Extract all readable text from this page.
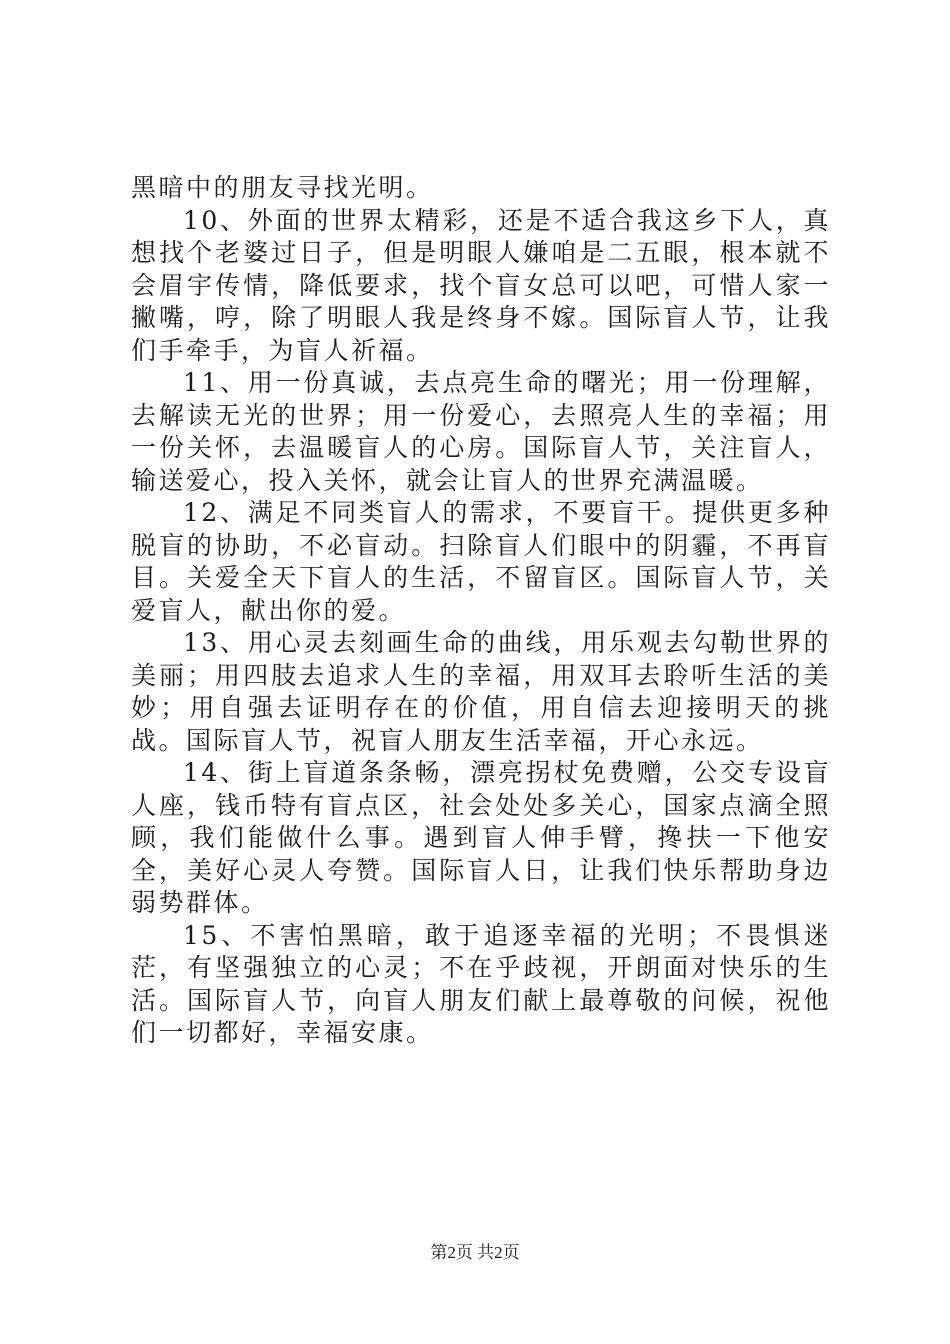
黑暗中的朋友寻找光明。

10、外面的世界太精彩，还是不适合我这乡下人，真想找个老婆过日子，但是明眼人嫌咱是二五眼，根本就不会眉宇传情，降低要求，找个盲女总可以吧，可惜人家一撇嘴，哼，除了明眼人我是终身不嫁。国际盲人节，让我们手牵手，为盲人祈福。

11、用一份真诚，去点亮生命的曙光；用一份理解，去解读无光的世界；用一份爱心，去照亮人生的幸福；用一份关怀，去温暖盲人的心房。国际盲人节，关注盲人，输送爱心，投入关怀，就会让盲人的世界充满温暖。

12、满足不同类盲人的需求，不要盲干。提供更多种脱盲的协助，不必盲动。扫除盲人们眼中的阴霾，不再盲目。关爱全天下盲人的生活，不留盲区。国际盲人节，关爱盲人，献出你的爱。

13、用心灵去刻画生命的曲线，用乐观去勾勒世界的美丽；用四肢去追求人生的幸福，用双耳去聆听生活的美妙；用自强去证明存在的价值，用自信去迎接明天的挑战。国际盲人节，祝盲人朋友生活幸福，开心永远。

14、街上盲道条条畅，漂亮拐杖免费赠，公交专设盲人座，钱币特有盲点区，社会处处多关心，国家点滴全照顾，我们能做什么事。遇到盲人伸手臂，搀扶一下他安全，美好心灵人夸赞。国际盲人日，让我们快乐帮助身边弱势群体。

15、不害怕黑暗，敢于追逐幸福的光明；不畏惧迷茫，有坚强独立的心灵；不在乎歧视，开朗面对快乐的生活。国际盲人节，向盲人朋友们献上最尊敬的问候，祝他们一切都好，幸福安康。

第2页 共2页
